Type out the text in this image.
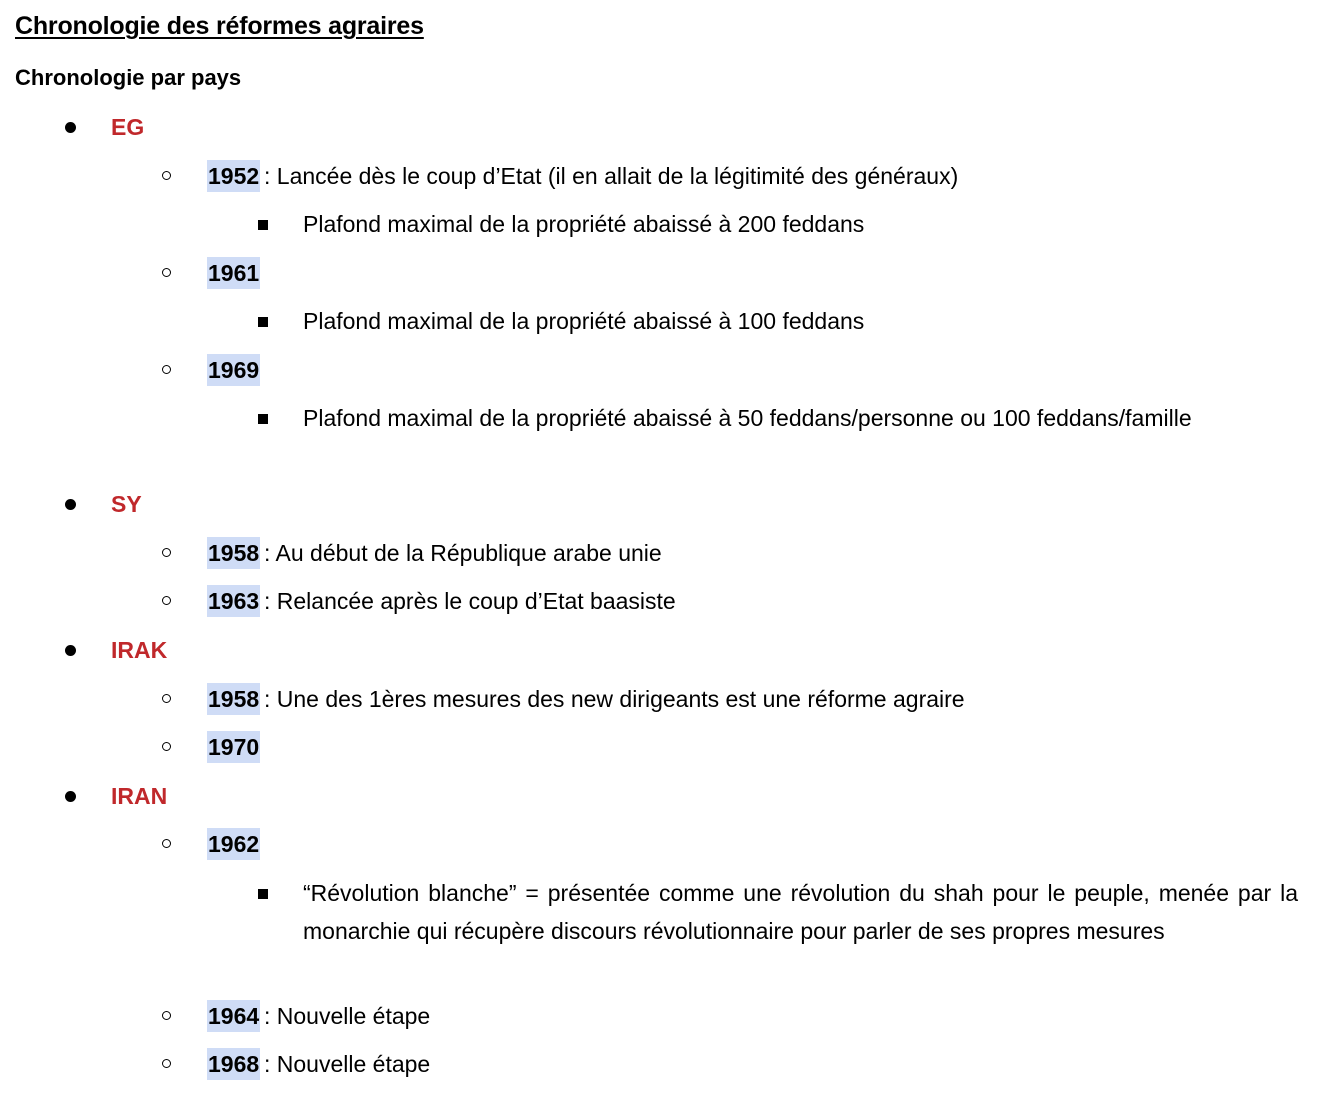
Chronologie des réformes agraires
Chronologie par pays
EG
1952 : Lancée dès le coup d’Etat (il en allait de la légitimité des généraux)
Plafond maximal de la propriété abaissé à 200 feddans
1961
Plafond maximal de la propriété abaissé à 100 feddans
1969
Plafond maximal de la propriété abaissé à 50 feddans/personne ou 100 feddans/famille
SY
1958 : Au début de la République arabe unie
1963 : Relancée après le coup d’Etat baasiste
IRAK
1958 : Une des 1ères mesures des new dirigeants est une réforme agraire
1970
IRAN
1962
“Révolution blanche” = présentée comme une révolution du shah pour le peuple, menée par la monarchie qui récupère discours révolutionnaire pour parler de ses propres mesures
1964 : Nouvelle étape
1968 : Nouvelle étape
